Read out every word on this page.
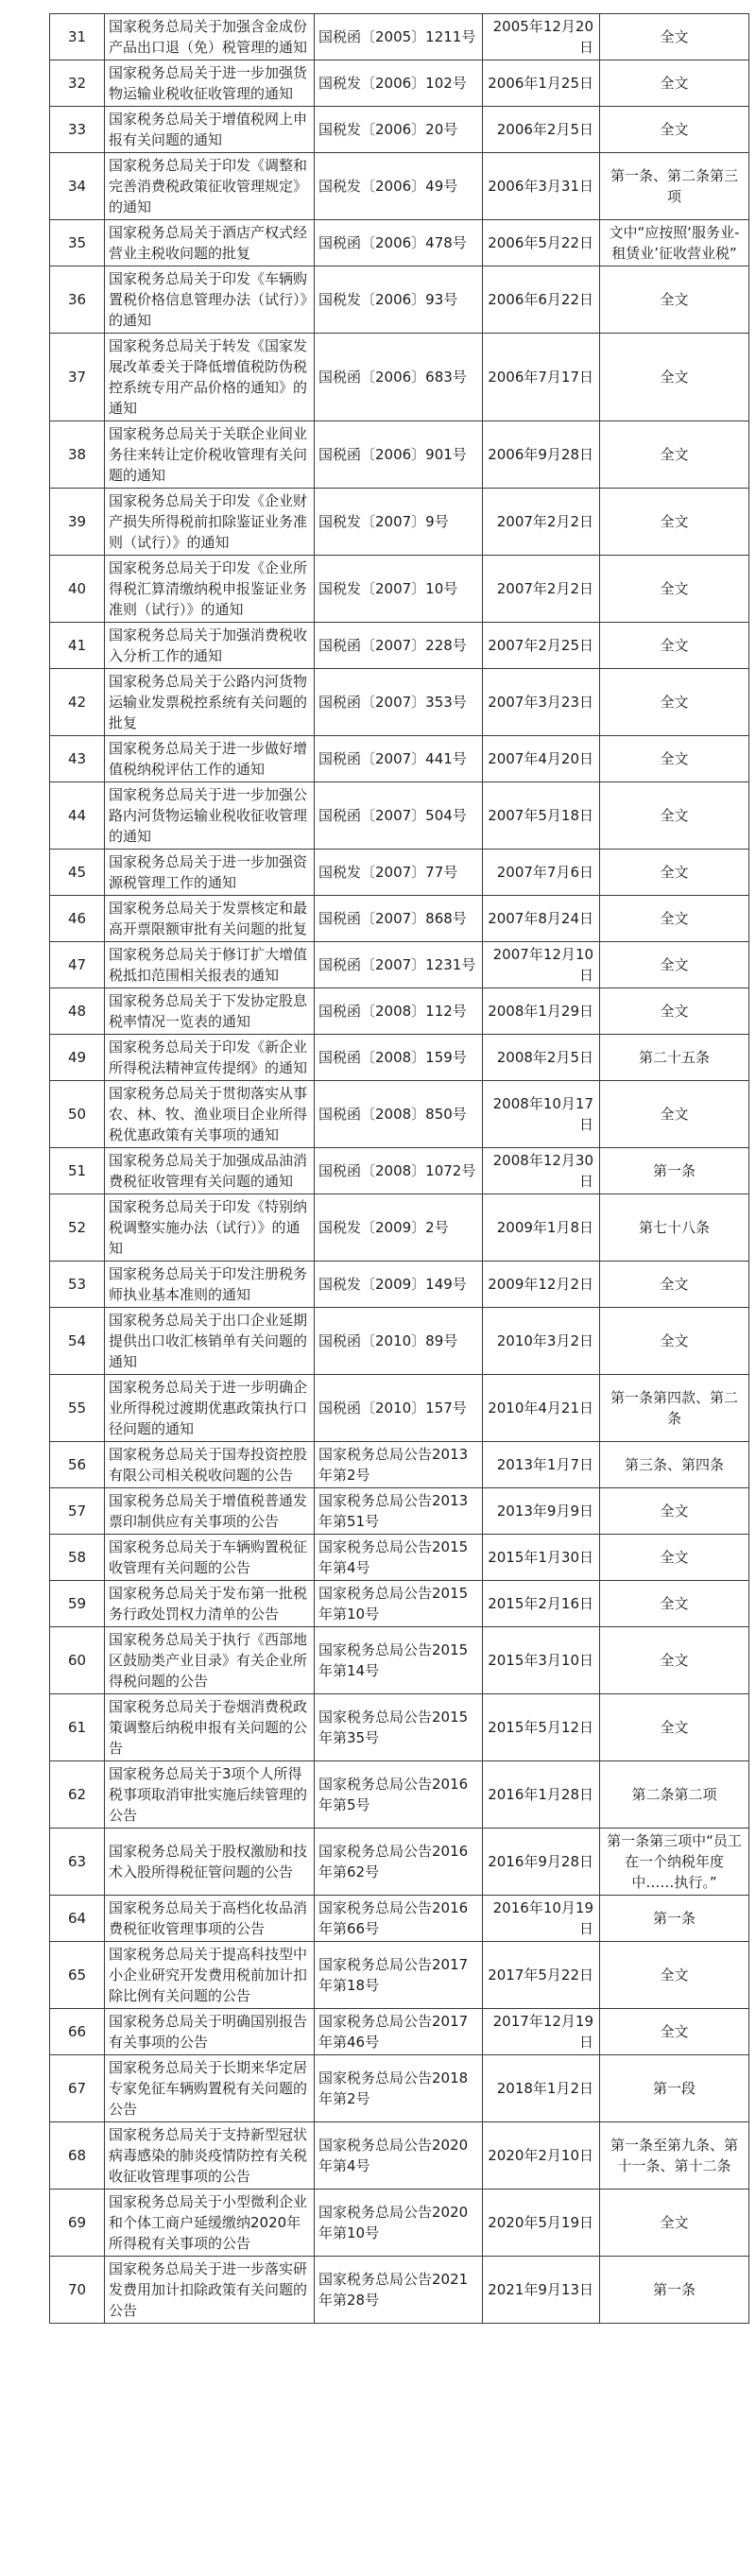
31	国家税务总局关于加强含金成份产品出口退（免）税管理的通知	国税函〔2005〕1211号	2005年12月20日	全文
32	国家税务总局关于进一步加强货物运输业税收征收管理的通知	国税发〔2006〕102号	2006年1月25日	全文
33	国家税务总局关于增值税网上申报有关问题的通知	国税发〔2006〕20号	2006年2月5日	全文
34	国家税务总局关于印发《调整和完善消费税政策征收管理规定》的通知	国税发〔2006〕49号	2006年3月31日	第一条、第二条第三项
35	国家税务总局关于酒店产权式经营业主税收问题的批复	国税函〔2006〕478号	2006年5月22日	文中“应按照‘服务业-租赁业’征收营业税”
36	国家税务总局关于印发《车辆购置税价格信息管理办法（试行）》的通知	国税发〔2006〕93号	2006年6月22日	全文
37	国家税务总局关于转发《国家发展改革委关于降低增值税防伪税控系统专用产品价格的通知》的通知	国税函〔2006〕683号	2006年7月17日	全文
38	国家税务总局关于关联企业间业务往来转让定价税收管理有关问题的通知	国税函〔2006〕901号	2006年9月28日	全文
39	国家税务总局关于印发《企业财产损失所得税前扣除鉴证业务准则（试行）》的通知	国税发〔2007〕9号	2007年2月2日	全文
40	国家税务总局关于印发《企业所得税汇算清缴纳税申报鉴证业务准则（试行）》的通知	国税发〔2007〕10号	2007年2月2日	全文
41	国家税务总局关于加强消费税收入分析工作的通知	国税函〔2007〕228号	2007年2月25日	全文
42	国家税务总局关于公路内河货物运输业发票税控系统有关问题的批复	国税函〔2007〕353号	2007年3月23日	全文
43	国家税务总局关于进一步做好增值税纳税评估工作的通知	国税函〔2007〕441号	2007年4月20日	全文
44	国家税务总局关于进一步加强公路内河货物运输业税收征收管理的通知	国税函〔2007〕504号	2007年5月18日	全文
45	国家税务总局关于进一步加强资源税管理工作的通知	国税发〔2007〕77号	2007年7月6日	全文
46	国家税务总局关于发票核定和最高开票限额审批有关问题的批复	国税函〔2007〕868号	2007年8月24日	全文
47	国家税务总局关于修订扩大增值税抵扣范围相关报表的通知	国税函〔2007〕1231号	2007年12月10日	全文
48	国家税务总局关于下发协定股息税率情况一览表的通知	国税函〔2008〕112号	2008年1月29日	全文
49	国家税务总局关于印发《新企业所得税法精神宣传提纲》的通知	国税函〔2008〕159号	2008年2月5日	第二十五条
50	国家税务总局关于贯彻落实从事农、林、牧、渔业项目企业所得税优惠政策有关事项的通知	国税函〔2008〕850号	2008年10月17日	全文
51	国家税务总局关于加强成品油消费税征收管理有关问题的通知	国税函〔2008〕1072号	2008年12月30日	第一条
52	国家税务总局关于印发《特别纳税调整实施办法（试行）》的通知	国税发〔2009〕2号	2009年1月8日	第七十八条
53	国家税务总局关于印发注册税务师执业基本准则的通知	国税发〔2009〕149号	2009年12月2日	全文
54	国家税务总局关于出口企业延期提供出口收汇核销单有关问题的通知	国税函〔2010〕89号	2010年3月2日	全文
55	国家税务总局关于进一步明确企业所得税过渡期优惠政策执行口径问题的通知	国税函〔2010〕157号	2010年4月21日	第一条第四款、第二条
56	国家税务总局关于国寿投资控股有限公司相关税收问题的公告	国家税务总局公告2013年第2号	2013年1月7日	第三条、第四条
57	国家税务总局关于增值税普通发票印制供应有关事项的公告	国家税务总局公告2013年第51号	2013年9月9日	全文
58	国家税务总局关于车辆购置税征收管理有关问题的公告	国家税务总局公告2015年第4号	2015年1月30日	全文
59	国家税务总局关于发布第一批税务行政处罚权力清单的公告	国家税务总局公告2015年第10号	2015年2月16日	全文
60	国家税务总局关于执行《西部地区鼓励类产业目录》有关企业所得税问题的公告	国家税务总局公告2015年第14号	2015年3月10日	全文
61	国家税务总局关于卷烟消费税政策调整后纳税申报有关问题的公告	国家税务总局公告2015年第35号	2015年5月12日	全文
62	国家税务总局关于3项个人所得税事项取消审批实施后续管理的公告	国家税务总局公告2016年第5号	2016年1月28日	第二条第二项
63	国家税务总局关于股权激励和技术入股所得税征管问题的公告	国家税务总局公告2016年第62号	2016年9月28日	第一条第三项中“员工在一个纳税年度中……执行。”
64	国家税务总局关于高档化妆品消费税征收管理事项的公告	国家税务总局公告2016年第66号	2016年10月19日	第一条
65	国家税务总局关于提高科技型中小企业研究开发费用税前加计扣除比例有关问题的公告	国家税务总局公告2017年第18号	2017年5月22日	全文
66	国家税务总局关于明确国别报告有关事项的公告	国家税务总局公告2017年第46号	2017年12月19日	全文
67	国家税务总局关于长期来华定居专家免征车辆购置税有关问题的公告	国家税务总局公告2018年第2号	2018年1月2日	第一段
68	国家税务总局关于支持新型冠状病毒感染的肺炎疫情防控有关税收征收管理事项的公告	国家税务总局公告2020年第4号	2020年2月10日	第一条至第九条、第十一条、第十二条
69	国家税务总局关于小型微利企业和个体工商户延缓缴纳2020年所得税有关事项的公告	国家税务总局公告2020年第10号	2020年5月19日	全文
70	国家税务总局关于进一步落实研发费用加计扣除政策有关问题的公告	国家税务总局公告2021年第28号	2021年9月13日	第一条
